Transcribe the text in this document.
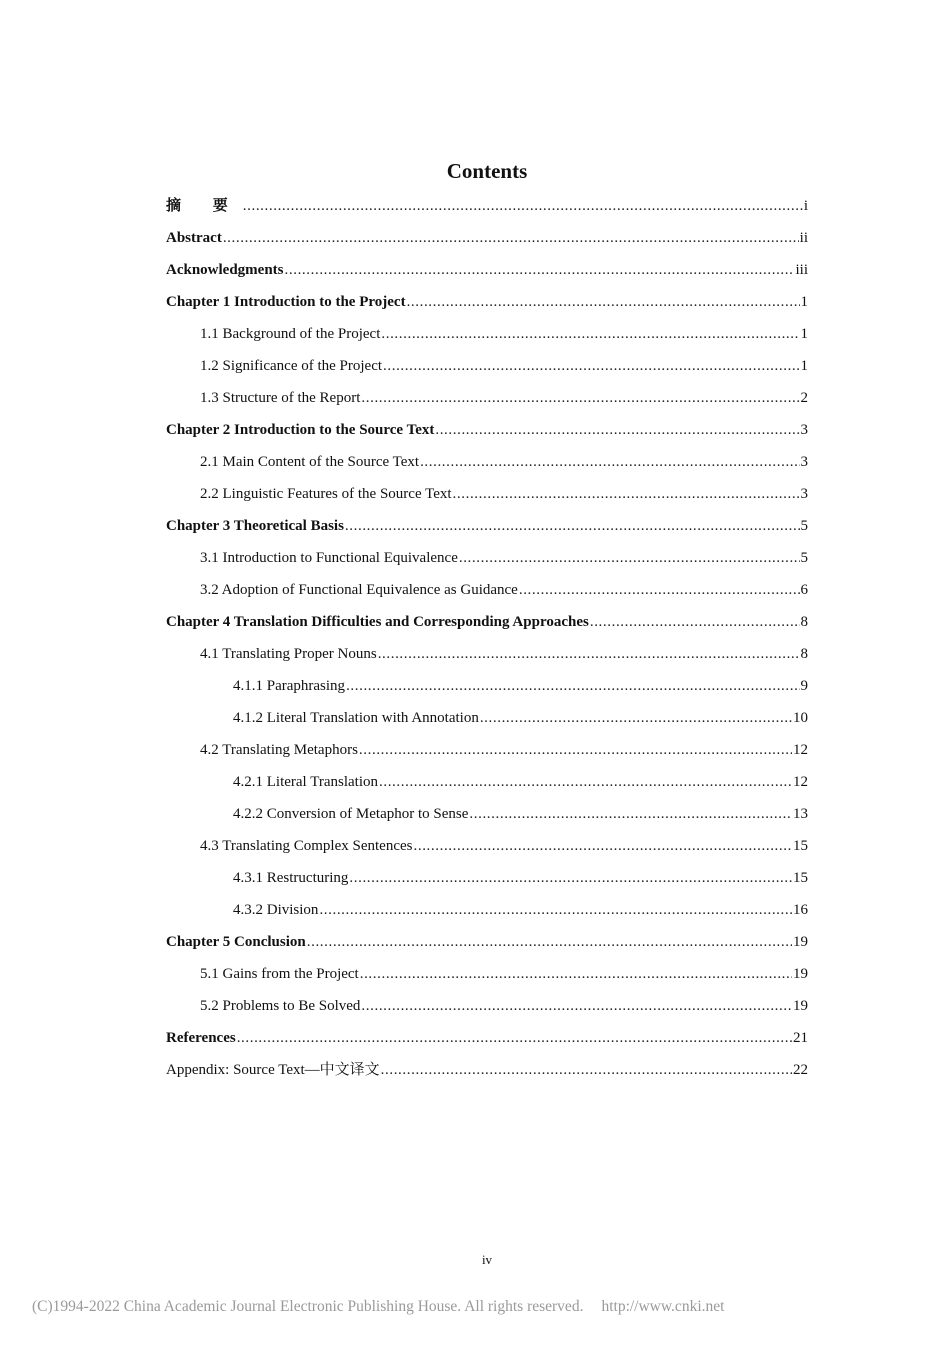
Contents
摘 要 .....	i
Abstract .....	ii
Acknowledgments .....	iii
Chapter 1 Introduction to the Project .....	1
1.1 Background of the Project .....	1
1.2 Significance of the Project .....	1
1.3 Structure of the Report .....	2
Chapter 2 Introduction to the Source Text .....	3
2.1 Main Content of the Source Text .....	3
2.2 Linguistic Features of the Source Text .....	3
Chapter 3 Theoretical Basis .....	5
3.1 Introduction to Functional Equivalence .....	5
3.2 Adoption of Functional Equivalence as Guidance .....	6
Chapter 4 Translation Difficulties and Corresponding Approaches .....	8
4.1 Translating Proper Nouns .....	8
4.1.1 Paraphrasing .....	9
4.1.2 Literal Translation with Annotation .....	10
4.2 Translating Metaphors .....	12
4.2.1 Literal Translation .....	12
4.2.2 Conversion of Metaphor to Sense .....	13
4.3 Translating Complex Sentences .....	15
4.3.1 Restructuring .....	15
4.3.2 Division .....	16
Chapter 5 Conclusion .....	19
5.1 Gains from the Project .....	19
5.2 Problems to Be Solved .....	19
References .....	21
Appendix: Source Text—中文译文 .....	22
iv
(C)1994-2022 China Academic Journal Electronic Publishing House. All rights reserved. http://www.cnki.net
